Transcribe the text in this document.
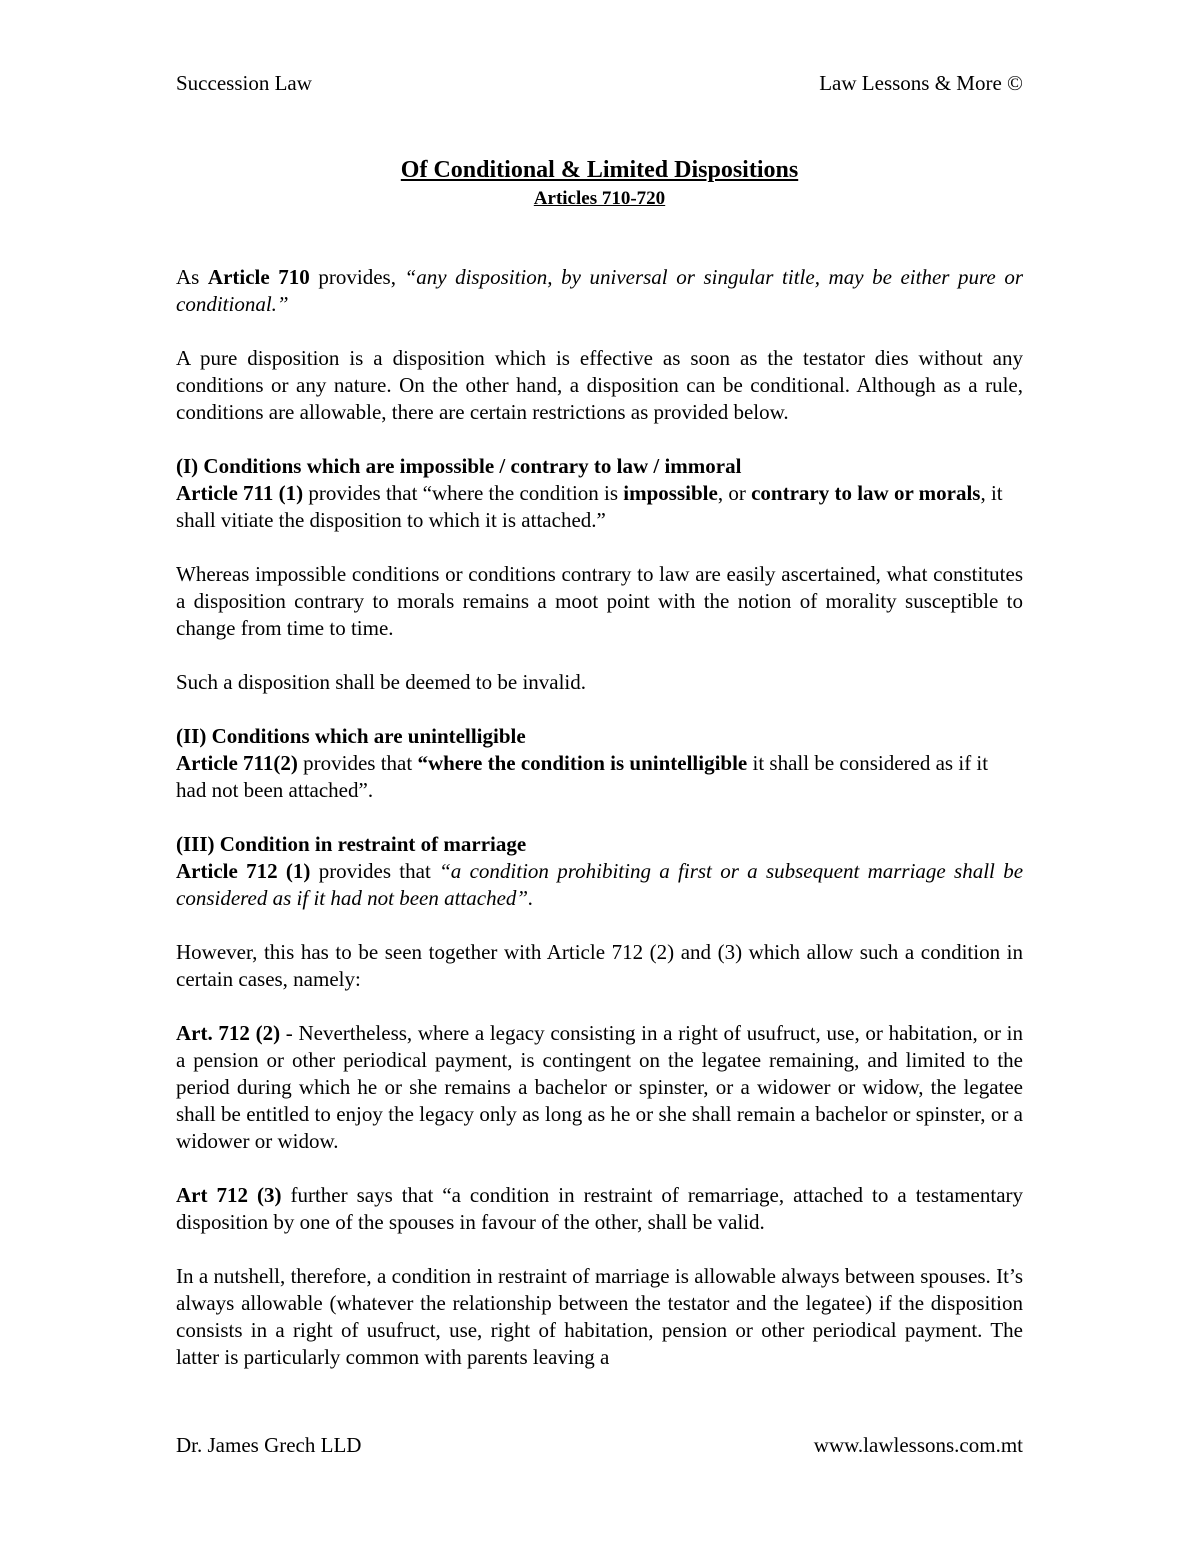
Succession Law	Law Lessons & More ©
Of Conditional & Limited Dispositions
Articles 710-720

As Article 710 provides, “any disposition, by universal or singular title, may be either pure or conditional.”

A pure disposition is a disposition which is effective as soon as the testator dies without any conditions or any nature. On the other hand, a disposition can be conditional. Although as a rule, conditions are allowable, there are certain restrictions as provided below.

(I) Conditions which are impossible / contrary to law / immoral

Article 711 (1) provides that “where the condition is impossible, or contrary to law or morals, it shall vitiate the disposition to which it is attached.”

Whereas impossible conditions or conditions contrary to law are easily ascertained, what constitutes a disposition contrary to morals remains a moot point with the notion of morality susceptible to change from time to time.

Such a disposition shall be deemed to be invalid.

(II) Conditions which are unintelligible

Article 711(2) provides that “where the condition is unintelligible it shall be considered as if it had not been attached”.

(III) Condition in restraint of marriage

Article 712 (1) provides that “a condition prohibiting a first or a subsequent marriage shall be considered as if it had not been attached”.

However, this has to be seen together with Article 712 (2) and (3) which allow such a condition in certain cases, namely:

Art. 712 (2) - Nevertheless, where a legacy consisting in a right of usufruct, use, or habitation, or in a pension or other periodical payment, is contingent on the legatee remaining, and limited to the period during which he or she remains a bachelor or spinster, or a widower or widow, the legatee shall be entitled to enjoy the legacy only as long as he or she shall remain a bachelor or spinster, or a widower or widow.

Art 712 (3) further says that “a condition in restraint of remarriage, attached to a testamentary disposition by one of the spouses in favour of the other, shall be valid.

In a nutshell, therefore, a condition in restraint of marriage is allowable always between spouses. It’s always allowable (whatever the relationship between the testator and the legatee) if the disposition consists in a right of usufruct, use, right of habitation, pension or other periodical payment. The latter is particularly common with parents leaving a

Dr. James Grech LLD	www.lawlessons.com.mt
